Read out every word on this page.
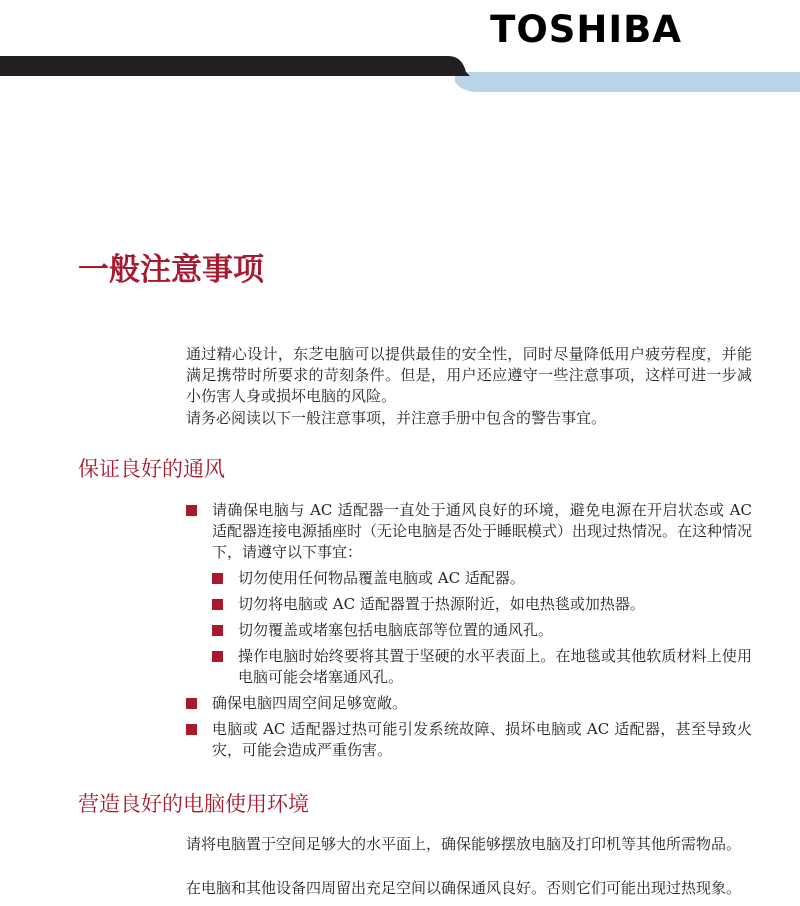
TOSHIBA
一般注意事项

通过精心设计，东芝电脑可以提供最佳的安全性，同时尽量降低用户疲劳程度，并能满足携带时所要求的苛刻条件。但是，用户还应遵守一些注意事项，这样可进一步减小伤害人身或损坏电脑的风险。

请务必阅读以下一般注意事项，并注意手册中包含的警告事宜。

保证良好的通风
请确保电脑与 AC 适配器一直处于通风良好的环境，避免电源在开启状态或 AC 适配器连接电源插座时（无论电脑是否处于睡眠模式）出现过热情况。在这种情况下，请遵守以下事宜：
切勿使用任何物品覆盖电脑或 AC 适配器。
切勿将电脑或 AC 适配器置于热源附近，如电热毯或加热器。
切勿覆盖或堵塞包括电脑底部等位置的通风孔。
操作电脑时始终要将其置于坚硬的水平表面上。在地毯或其他软质材料上使用电脑可能会堵塞通风孔。
确保电脑四周空间足够宽敞。
电脑或 AC 适配器过热可能引发系统故障、损坏电脑或 AC 适配器，甚至导致火灾，可能会造成严重伤害。
营造良好的电脑使用环境

请将电脑置于空间足够大的水平面上，确保能够摆放电脑及打印机等其他所需物品。

在电脑和其他设备四周留出充足空间以确保通风良好。否则它们可能出现过热现象。
